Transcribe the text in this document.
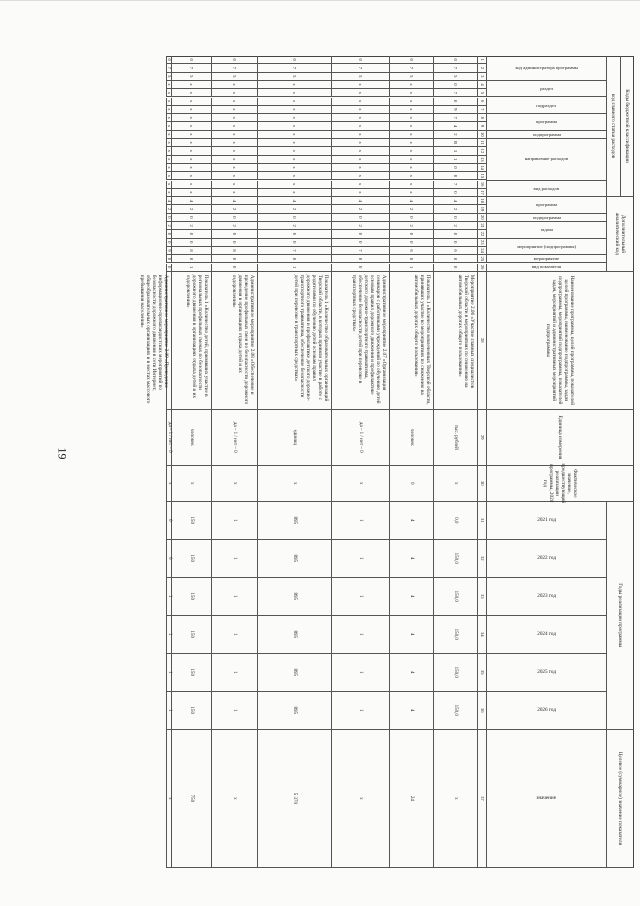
19
Коды бюджетной классификации
Дополнительный аналитический код
код главного статьи расходов
код администратора программы
раздел
подраздел
программа
подпрограмма
направление расходов
вид расходов
программа
подпрограмма
задача
мероприятие (подпрограммы)
мероприятие
вид показателя
Наименование программы, целей программы, показателей целей программы, наименование подпрограммы, задач подпрограммы, мероприятий подпрограммы, показателей задач, мероприятий и административных мероприятий подпрограммы
Единица измерения
Фактическое значение, предшествующий реализации программы, 2020 год
Годы реализации программы
2021 год
2022 год
2023 год
2024 год
2025 год
2026 год
Целевое (суммарное) значение показателя
значение
1
2
3
4
5
6
7
8
9
10
11
12
13
14
15
16
17
18
19
20
21
22
23
24
25
26
28
29
30
31
32
33
34
35
36
37
0
7
5
0
7
0
9
7
4
2
R
3
1
0
0
7
0
4
2
0
2
0
0
6
8
0
Мероприятие 2.06 «Участие главных специалистов Тверской области в мероприятиях по снижению на автомобильных дорогах общего пользования»
тыс. рублей
х
0,0
150,0
150,0
150,0
150,0
150,0
х
0
7
5
х
х
х
х
х
х
х
х
х
х
х
х
х
х
4
2
0
2
0
0
6
8
1
Показатель 1 «Количество вовлеченных Тверской области, принявших участие во мероприятиях по снижению на автомобильных дорогах общего пользования»
человек
0
4
4
4
4
4
4
24
0
7
5
х
х
х
х
х
х
х
х
х
х
х
х
х
х
4
2
0
2
0
0
7
8
0
Административное мероприятие 2.07 «Организация семинаров с работниками учреждений по обучению детей основам правил дорожного движения и профилактике детского дорожно-транспортного травматизма, обеспечение безопасности детей при перевозке в транспортных средствах»
да – 1 / нет – 0
х
1
1
1
1
1
1
х
0
7
5
х
х
х
х
х
х
х
х
х
х
х
х
х
х
4
2
0
2
0
0
7
8
1
Показатель 1 «Количество образовательных организаций Тверской области, в которых приняли участие в работе с родителями по обучению детей основам правил дорожного движения и профилактике детского дорожно-транспортного травматизма, обеспечение безопасности детей при перевозке в транспортных средствах»
единиц
х
895
895
895
895
895
895
5 370
0
7
5
х
х
х
х
х
х
х
х
х
х
х
х
х
х
4
2
0
2
0
0
8
8
0
Административное мероприятие 2.08 «Обеспечение и проведение профильных смен по безопасности дорожного движения в организациях отдыха детей и их оздоровления»
да – 1 / нет – 0
х
1
1
1
1
1
1
х
0
7
5
х
х
х
х
х
х
х
х
х
х
х
х
х
х
4
2
0
2
0
0
8
8
1
Показатель 1 «Количество детей, принявших участие в региональных профильных сменах по безопасности дорожного движения в организациях отдыха детей и их оздоровления»
человек
х
150
150
150
150
150
150
750
0
7
5
х
х
х
х
х
х
х
х
х
х
х
х
х
х
4
2
0
2
0
0
9
8
0
Административное мероприятие 2.09 «Проведение информационно-пропагандистских мероприятий по безопасности дорожного движения в сети Интернет, общеобразовательных организациях и в местах массового пребывания населения»
да – 1 / нет – 0
х
0
0
1
1
1
1
х
